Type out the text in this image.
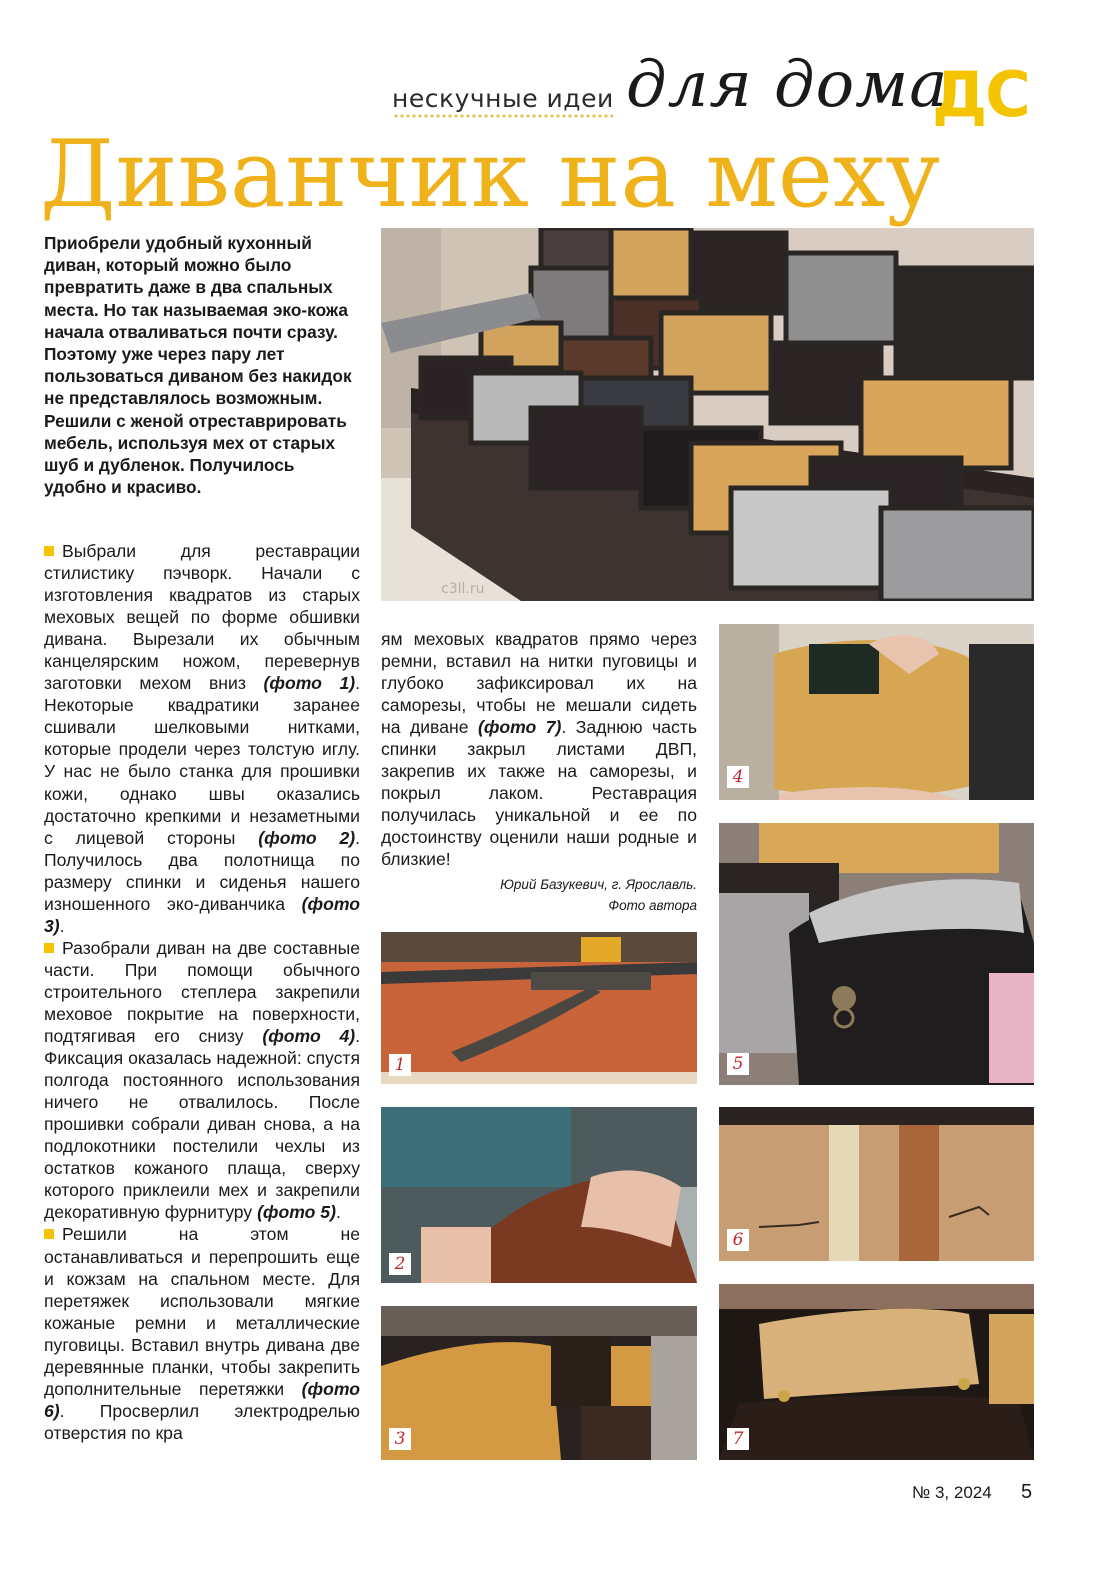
нескучные идеи для дома
ДС
Диванчик на меху
Приобрели удобный кухонный диван, который можно было превратить даже в два спальных места. Но так называемая эко-кожа начала отваливаться почти сразу. Поэтому уже через пару лет пользоваться диваном без накидок не представлялось возможным. Решили с женой отреставрировать мебель, используя мех от старых шуб и дубленок. Получилось удобно и красиво.

Выбрали для реставрации стилистику пэчворк. Начали с изготовления квадратов из старых меховых вещей по форме обшивки дивана. Вырезали их обычным канцелярским ножом, перевернув заготовки мехом вниз (фото 1). Некоторые квадратики заранее сшивали шелковыми нитками, которые продели через толстую иглу. У нас не было станка для прошивки кожи, однако швы оказались достаточно крепкими и незаметными с лицевой стороны (фото 2). Получилось два полотнища по размеру спинки и сиденья нашего изношенного эко-диванчика (фото 3).

Разобрали диван на две составные части. При помощи обычного строительного степлера закрепили меховое покрытие на поверхности, подтягивая его снизу (фото 4). Фиксация оказалась надежной: спустя полгода постоянного использования ничего не отвалилось. После прошивки собрали диван снова, а на подлокотники постелили чехлы из остатков кожаного плаща, сверху которого приклеили мех и закрепили декоративную фурнитуру (фото 5).

Решили на этом не останавливаться и перепрошить еще и кожзам на спальном месте. Для перетяжек использовали мягкие кожаные ремни и металлические пуговицы. Вставил внутрь дивана две деревянные планки, чтобы закрепить дополнительные перетяжки (фото 6). Просверлил электродрелью отверстия по кра

ям меховых квадратов прямо через ремни, вставил на нитки пуговицы и глубоко зафиксировал их на саморезы, чтобы не мешали сидеть на диване (фото 7). Заднюю часть спинки закрыл листами ДВП, закрепив их также на саморезы, и покрыл лаком. Реставрация получилась уникальной и ее по достоинству оценили наши родные и близкие!

Юрий Базукевич, г. Ярославль.
Фото автора
c3ll.ru
1
2
3
4
5
6
7
№ 3, 2024 5
